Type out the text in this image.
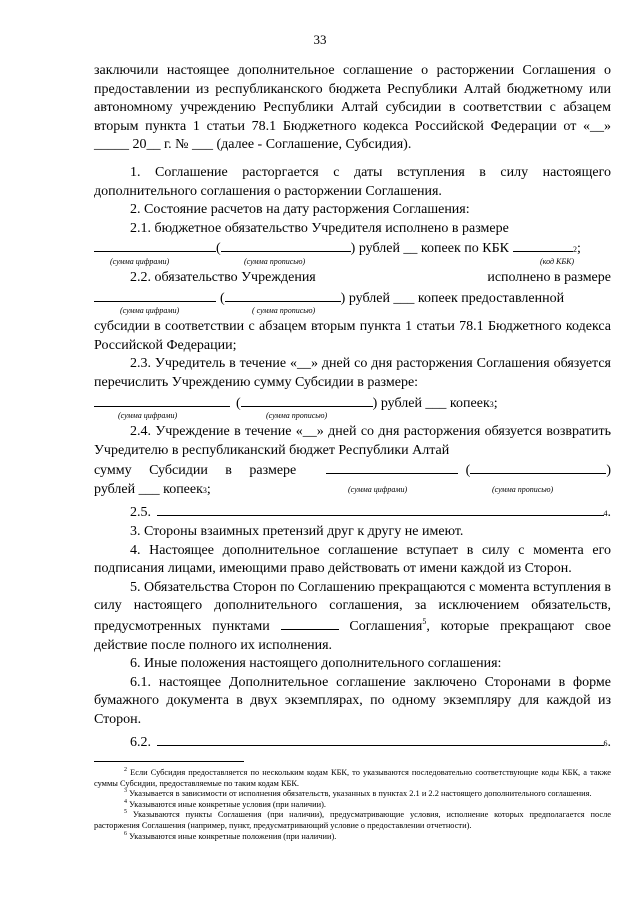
33

заключили настоящее дополнительное соглашение о расторжении Соглашения о предоставлении из республиканского бюджета Республики Алтай бюджетному или автономному учреждению Республики Алтай субсидии в соответствии с абзацем вторым пункта 1 статьи 78.1 Бюджетного кодекса Российской Федерации от «__» _____ 20__ г. № ___ (далее - Соглашение, Субсидия).

1. Соглашение расторгается с даты вступления в силу настоящего дополнительного соглашения о расторжении Соглашения.

2. Состояние расчетов на дату расторжения Соглашения:

2.1. бюджетное обязательство Учредителя исполнено в размере

(	) рублей __ копеек по КБК	2 ;
(сумма цифрами)	(сумма прописью)	(код КБК)
2.2. обязательство Учреждения	исполнено в размере
(	) рублей ___ копеек предоставленной
(сумма цифрами)	( сумма прописью)

субсидии в соответствии с абзацем вторым пункта 1 статьи 78.1 Бюджетного кодекса Российской Федерации;

2.3. Учредитель в течение «__» дней со дня расторжения Соглашения обязуется перечислить Учреждению сумму Субсидии в размере:

(	) рублей ___ копеек 3 ;
(сумма цифрами)	(сумма прописью)

2.4. Учреждение в течение «__» дней со дня расторжения обязуется возвратить Учредителю в республиканский бюджет Республики Алтай

сумму Субсидии в размере	(	)
рублей ___ копеек 3 ;	(сумма цифрами)	(сумма прописью)
2.5.	4 .

3. Стороны взаимных претензий друг к другу не имеют.

4. Настоящее дополнительное соглашение вступает в силу с момента его подписания лицами, имеющими право действовать от имени каждой из Сторон.

5. Обязательства Сторон по Соглашению прекращаются с момента вступления в силу настоящего дополнительного соглашения, за исключением обязательств, предусмотренных пунктами	Соглашения$^5$, которые прекращают свое действие после полного их исполнения.

6. Иные положения настоящего дополнительного соглашения:

6.1. настоящее Дополнительное соглашение заключено Сторонами в форме бумажного документа в двух экземплярах, по одному экземпляру для каждой из Сторон.

6.2.	6 .

$^2$ Если Субсидия предоставляется по нескольким кодам КБК, то указываются последовательно соответствующие коды КБК, а также суммы Субсидии, предоставляемые по таким кодам КБК.

$^3$ Указывается в зависимости от исполнения обязательств, указанных в пунктах 2.1 и 2.2 настоящего дополнительного соглашения.

$^4$ Указываются иные конкретные условия (при наличии).

$^5$ Указываются пункты Соглашения (при наличии), предусматривающие условия, исполнение которых предполагается после расторжения Соглашения (например, пункт, предусматривающий условие о предоставлении отчетности).

$^6$ Указываются иные конкретные положения (при наличии).
